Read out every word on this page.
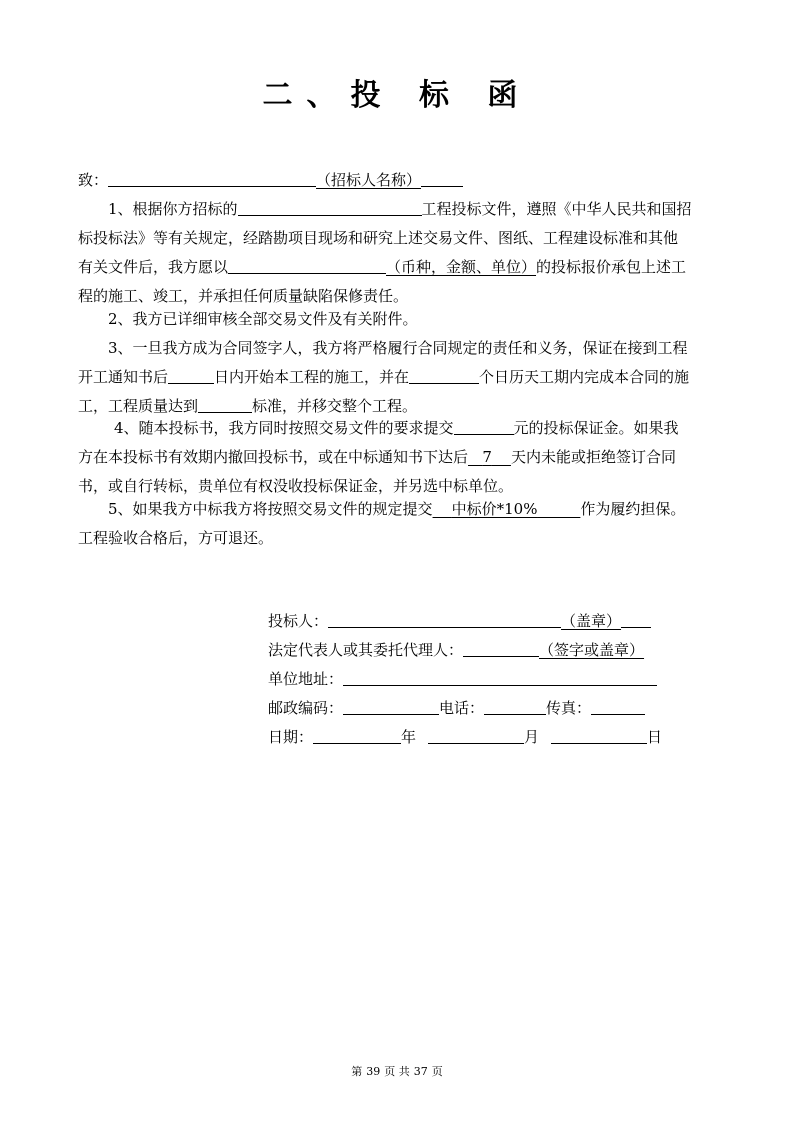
二、投 标 函
致：	（招标人名称）
1、根据你方招标的	工程投标文件，遵照《中华人民共和国招
标投标法》等有关规定，经踏勘项目现场和研究上述交易文件、图纸、工程建设标准和其他
有关文件后，我方愿以	（币种，金额、单位）的投标报价承包上述工
程的施工、竣工，并承担任何质量缺陷保修责任。
2、我方已详细审核全部交易文件及有关附件。
3、一旦我方成为合同签字人，我方将严格履行合同规定的责任和义务，保证在接到工程
开工通知书后	日内开始本工程的施工，并在	个日历天工期内完成本合同的施
工，工程质量达到	标准，并移交整个工程。
4、随本投标书，我方同时按照交易文件的要求提交	元的投标保证金。如果我
方在本投标书有效期内撤回投标书，或在中标通知书下达后 7 天内未能或拒绝签订合同
书，或自行转标，贵单位有权没收投标保证金，并另选中标单位。
5、如果我方中标我方将按照交易文件的规定提交 中标价*10%	作为履约担保。
工程验收合格后，方可退还。
投标人：	（盖章）
法定代表人或其委托代理人：	（签字或盖章）
单位地址：
邮政编码：	电话：	传真：
日期：	年	月	日
第 39 页 共 37 页
